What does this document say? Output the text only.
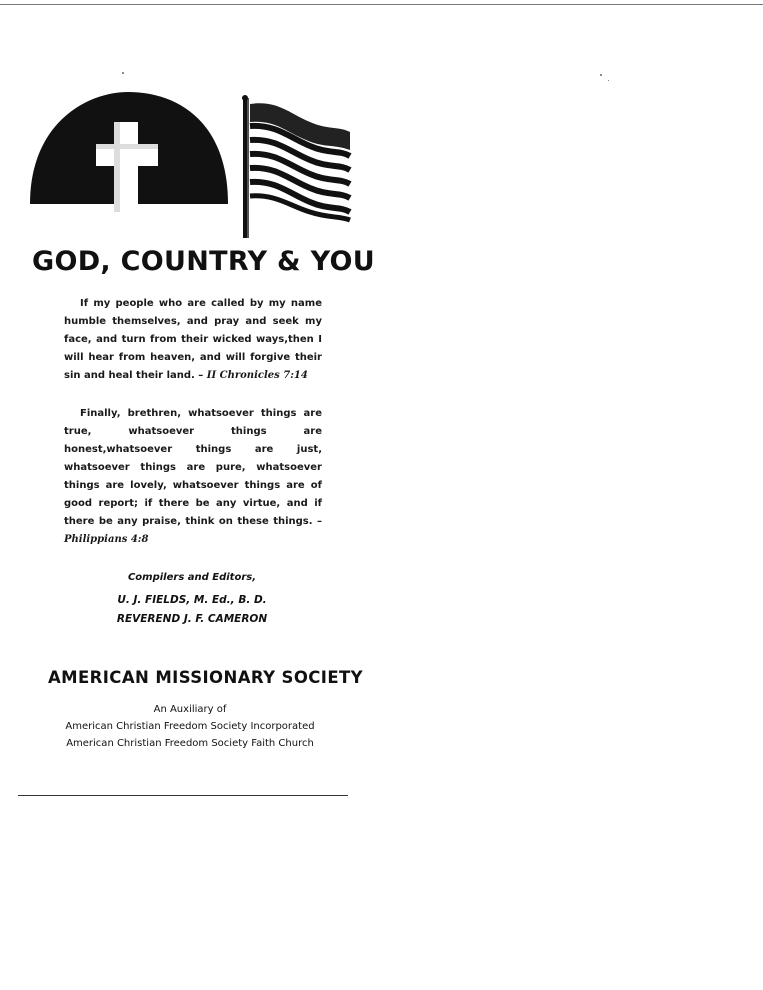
GOD, COUNTRY & YOU
If my people who are called by my name humble themselves, and pray and seek my face, and turn from their wicked ways,then I will hear from heaven, and will forgive their sin and heal their land. – II Chronicles 7:14
Finally, brethren, whatsoever things are true, whatsoever things are honest,whatsoever things are just, whatsoever things are pure, whatsoever things are lovely, whatsoever things are of good report; if there be any virtue, and if there be any praise, think on these things. – Philippians 4:8
Compilers and Editors,
U. J. FIELDS, M. Ed., B. D.
REVEREND J. F. CAMERON
AMERICAN MISSIONARY SOCIETY
An Auxiliary of
American Christian Freedom Society Incorporated
American Christian Freedom Society Faith Church
